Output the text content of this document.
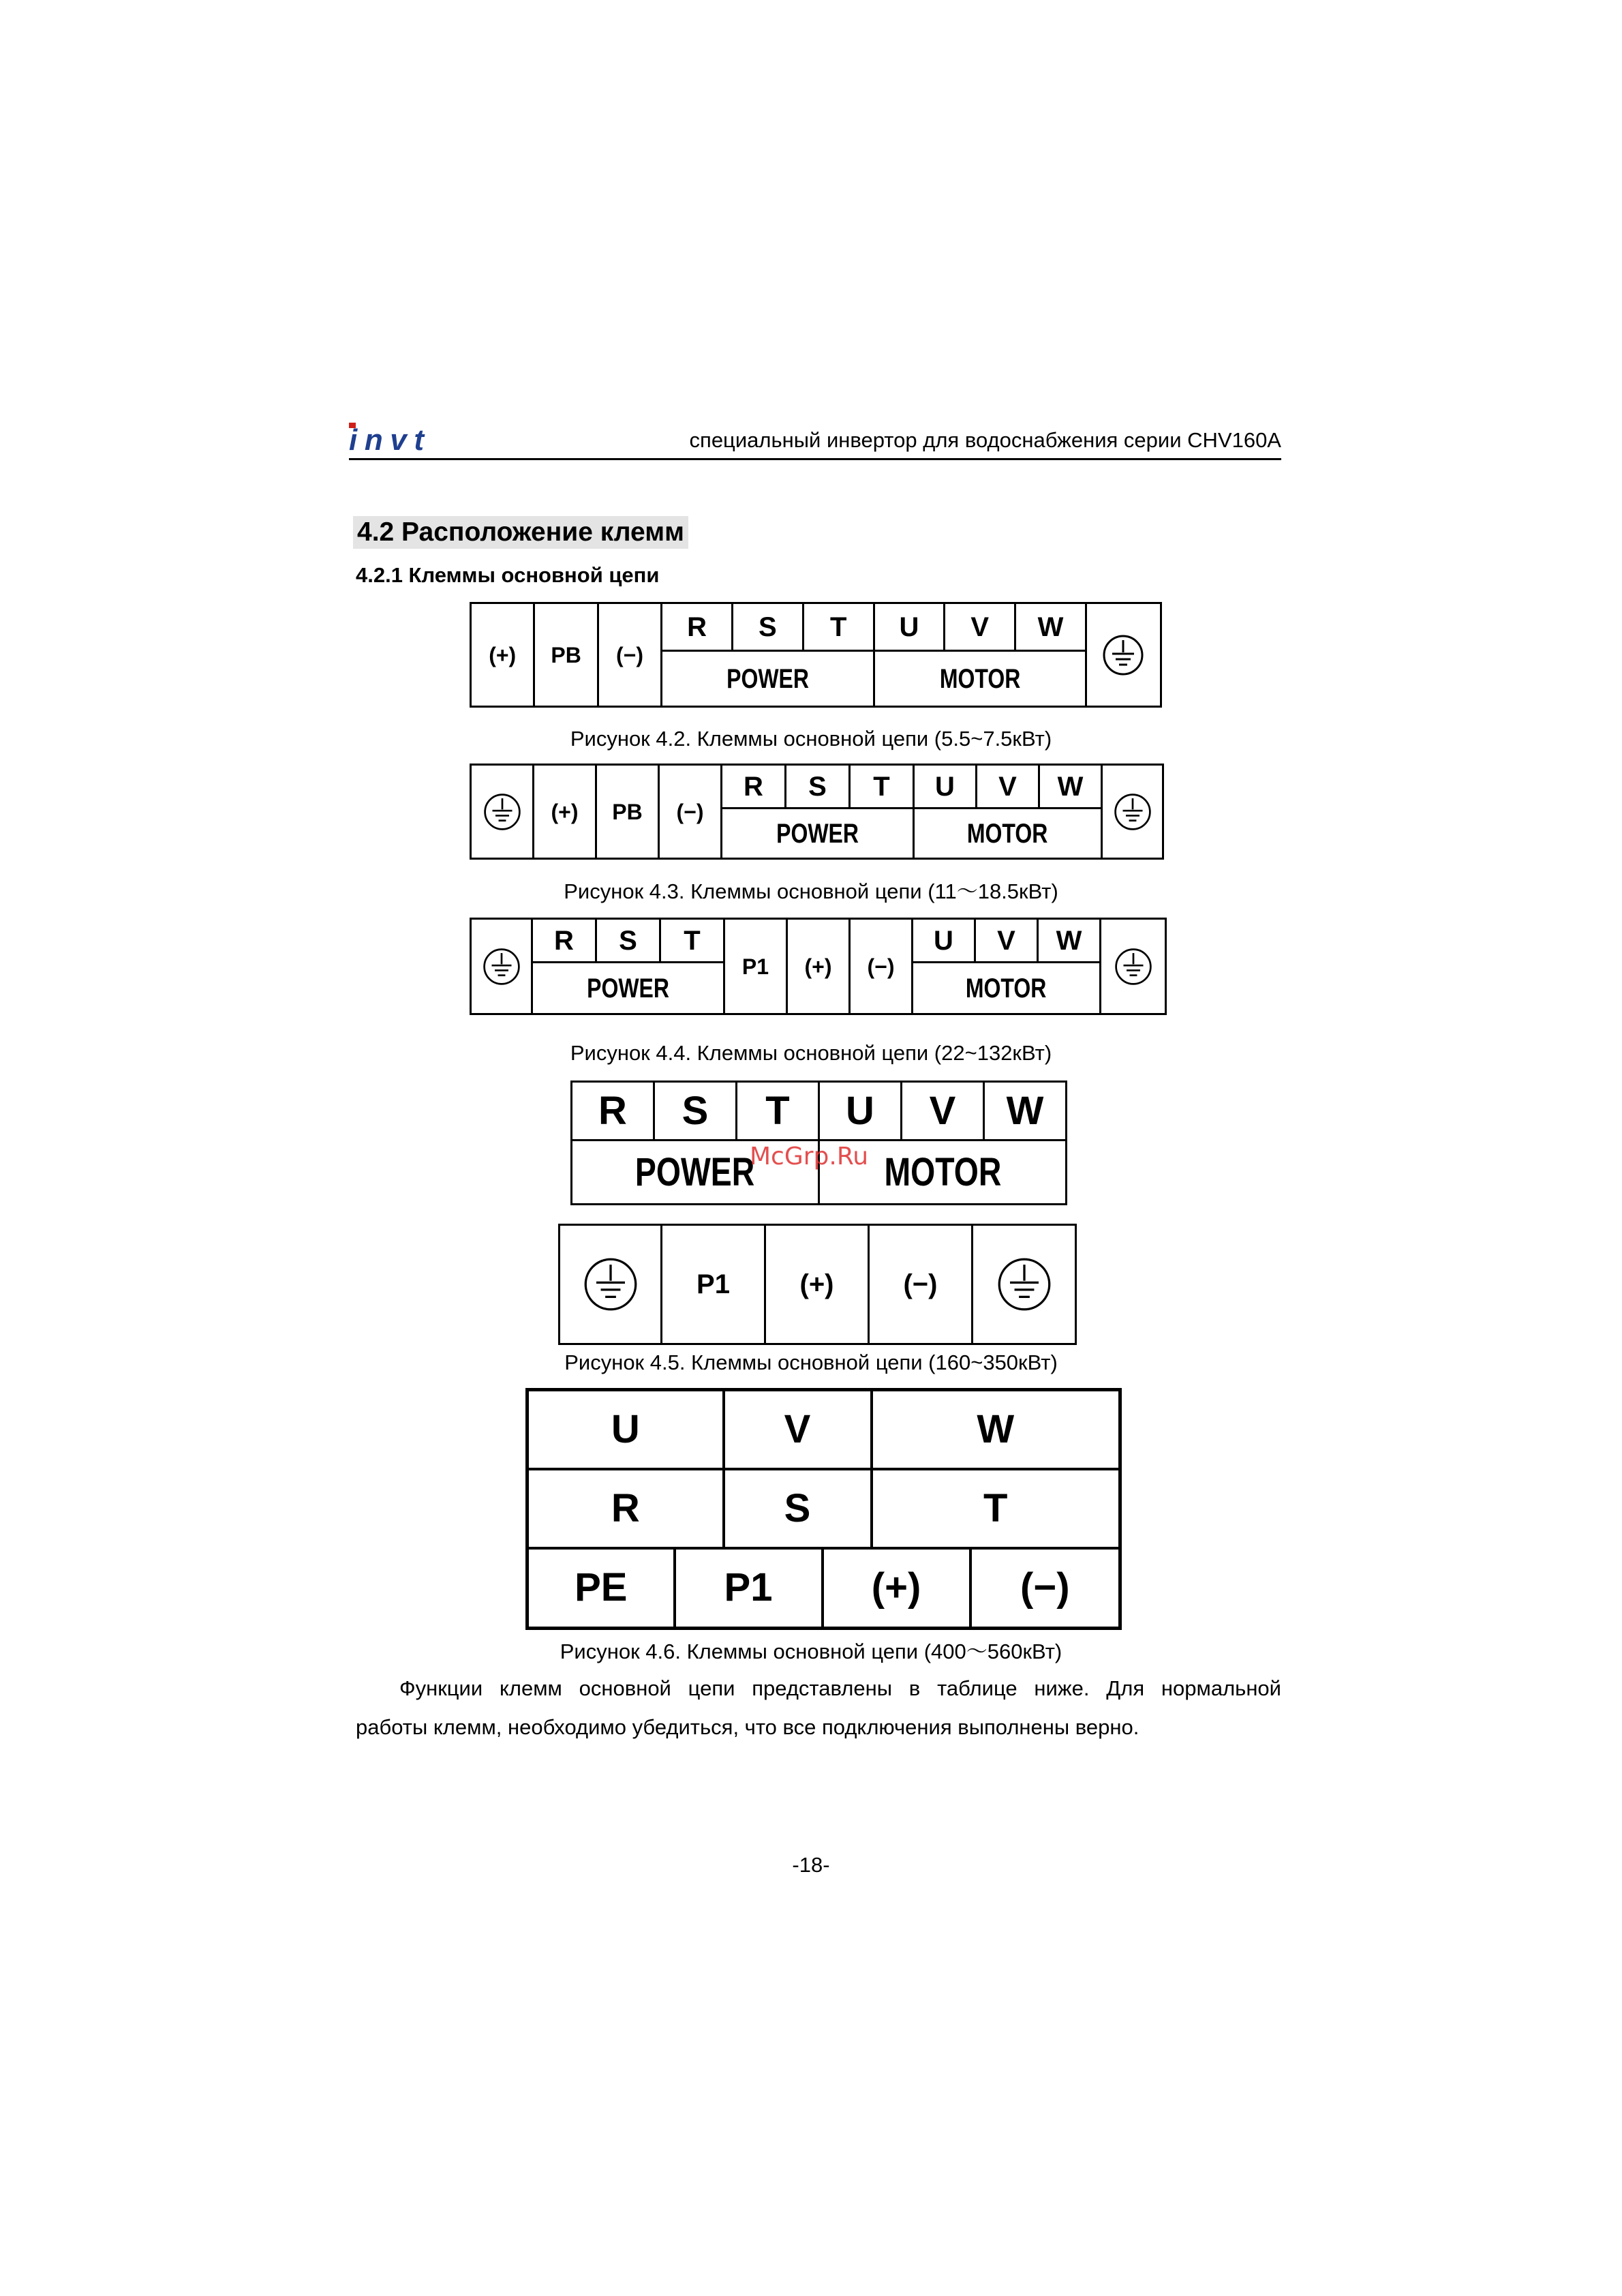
invt	специальный инвертор для водоснабжения серии CHV160A
4.2 Расположение клемм
4.2.1 Клеммы основной цепи
(+)	PB	(−)	R	S	T	U	V	W	
			POWER			MOTOR			
Рисунок 4.2. Клеммы основной цепи (5.5~7.5кВт)
	(+)	PB	(−)	R	S	T	U	V	W	
				POWER			MOTOR			
Рисунок 4.3. Клеммы основной цепи (11～18.5кВт)
	R	S	T	P1	(+)	(−)	U	V	W	
	POWER						MOTOR			
Рисунок 4.4. Клеммы основной цепи (22~132кВт)
R	S	T	U	V	W
POWER			MOTOR		
	P1	(+)	(−)	
Рисунок 4.5. Клеммы основной цепи (160~350кВт)
U		V		W	
R		S		T	
PE	P1		(+)		(−)
Рисунок 4.6. Клеммы основной цепи (400～560кВт)

Функции клемм основной цепи представлены в таблице ниже. Для нормальной

работы клемм, необходимо убедиться, что все подключения выполнены верно.

-18-
McGrp.Ru
